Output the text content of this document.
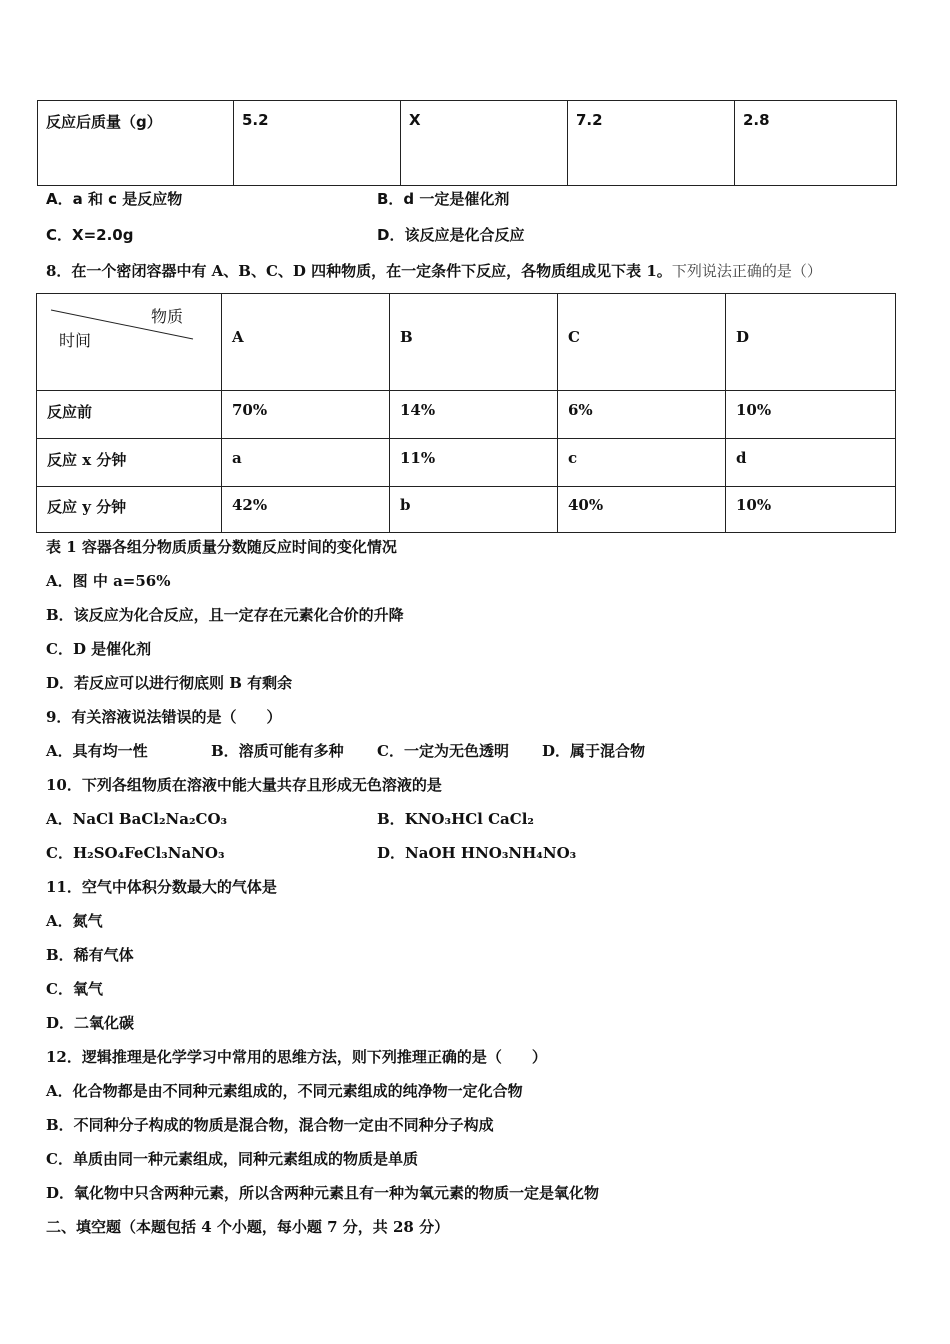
反应后质量（g）	5.2	X	7.2	2.8
A．a 和 c 是反应物	B．d 一定是催化剂
C．X=2.0g	D．该反应是化合反应
8．在一个密闭容器中有 A、B、C、D 四种物质，在一定条件下反应，各物质组成见下表 1。下列说法正确的是（）
物质
时间	A	B	C	D

反应前	70%	14%	6%	10%

反应 x 分钟	a	11%	c	d

反应 y 分钟	42%	b	40%	10%
表 1 容器各组分物质质量分数随反应时间的变化情况
A．图 中 a=56%
B．该反应为化合反应，且一定存在元素化合价的升降
C．D 是催化剂
D．若反应可以进行彻底则 B 有剩余
9．有关溶液说法错误的是（　　）
A．具有均一性	B．溶质可能有多种 C．一定为无色透明 D．属于混合物
10．下列各组物质在溶液中能大量共存且形成无色溶液的是
A．NaCl BaCl₂Na₂CO₃	B．KNO₃HCl CaCl₂
C．H₂SO₄FeCl₃NaNO₃	D．NaOH HNO₃NH₄NO₃
11．空气中体积分数最大的气体是
A．氮气
B．稀有气体
C．氧气
D．二氧化碳
12．逻辑推理是化学学习中常用的思维方法，则下列推理正确的是（　　）
A．化合物都是由不同种元素组成的，不同元素组成的纯净物一定化合物
B．不同种分子构成的物质是混合物，混合物一定由不同种分子构成
C．单质由同一种元素组成，同种元素组成的物质是单质
D．氧化物中只含两种元素，所以含两种元素且有一种为氧元素的物质一定是氧化物
二、填空题（本题包括 4 个小题，每小题 7 分，共 28 分）
